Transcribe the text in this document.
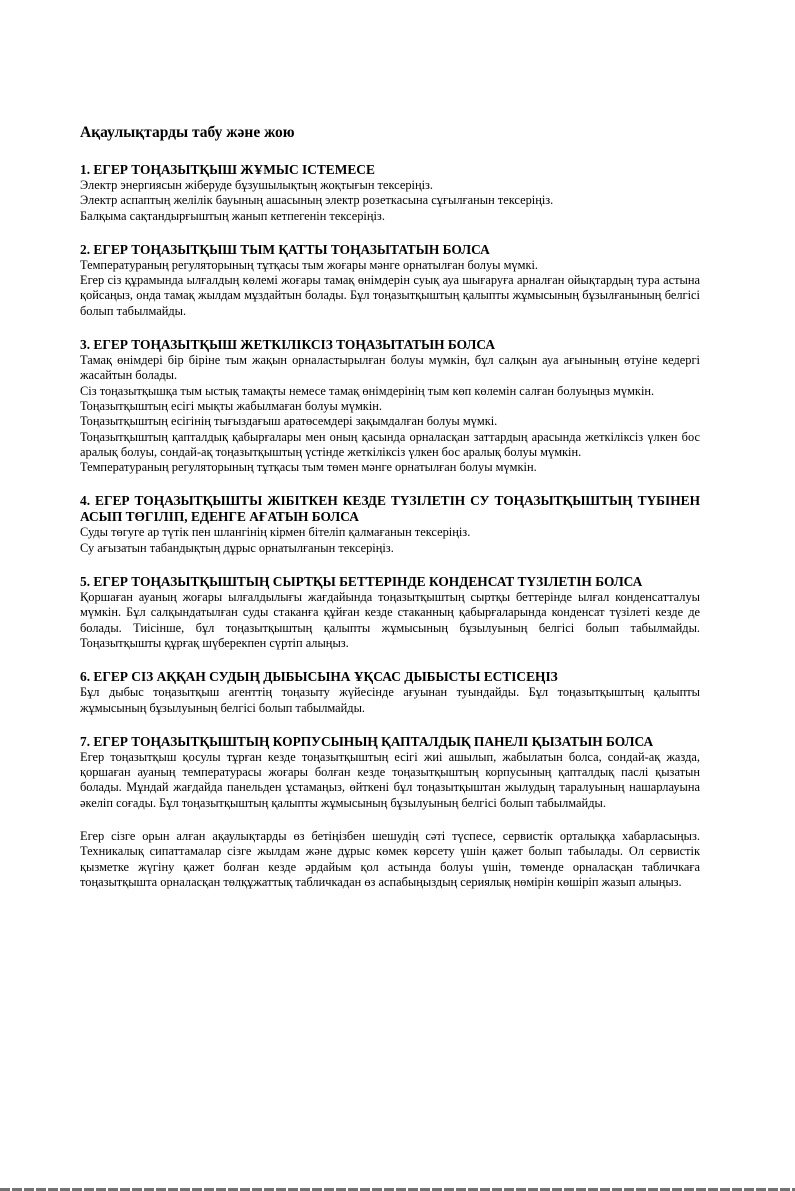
Ақаулықтарды табу және жою
1. ЕГЕР ТОҢАЗЫТҚЫШ ЖҰМЫС ІСТЕМЕСЕ

Электр энергиясын жіберуде бұзушылықтың жоқтығын тексеріңіз.

Электр аспаптың желілік бауының ашасының электр розеткасына сұғылғанын тексеріңіз.

Балқыма сақтандырғыштың жанып кетпегенін тексеріңіз.

2. ЕГЕР ТОҢАЗЫТҚЫШ ТЫМ ҚАТТЫ ТОҢАЗЫТАТЫН БОЛСА

Температураның регуляторының тұтқасы тым жоғары мәнге орнатылған болуы мүмкі.

Егер сіз құрамында ылғалдың көлемі жоғары тамақ өнімдерін суық ауа шығаруға арналған ойықтардың тура астына қойсаңыз, онда тамақ жылдам мұздайтын болады. Бұл тоңазытқыштың қалыпты жұмысының бұзылғанының белгісі болып табылмайды.

3. ЕГЕР ТОҢАЗЫТҚЫШ ЖЕТКІЛІКСІЗ ТОҢАЗЫТАТЫН БОЛСА

Тамақ өнімдері бір біріне тым жақын орналастырылған болуы мүмкін, бұл салқын ауа ағынының өтуіне кедергі жасайтын болады.

Сіз тоңазытқышқа тым ыстық тамақты немесе тамақ өнімдерінің тым көп көлемін салған болуыңыз мүмкін.

Тоңазытқыштың есігі мықты жабылмаған болуы мүмкін.

Тоңазытқыштың есігінің тығыздағыш аратөсемдері зақымдалған болуы мүмкі.

Тоңазытқыштың қапталдық қабырғалары мен оның қасында орналасқан заттардың арасында жеткіліксіз үлкен бос аралық болуы, сондай-ақ тоңазытқыштың үстінде жеткіліксіз үлкен бос аралық болуы мүмкін.

Температураның регуляторының тұтқасы тым төмен мәнге орнатылған болуы мүмкін.

4. ЕГЕР ТОҢАЗЫТҚЫШТЫ ЖІБІТКЕН КЕЗДЕ ТҮЗІЛЕТІН СУ ТОҢАЗЫТҚЫШТЫҢ ТҮБІНЕН АСЫП ТӨГІЛІП, ЕДЕНГЕ АҒАТЫН БОЛСА

Суды төгуге ар түтік пен шлангінің кірмен бітеліп қалмағанын тексеріңіз.

Су ағызатын табандықтың дұрыс орнатылғанын тексеріңіз.

5. ЕГЕР ТОҢАЗЫТҚЫШТЫҢ СЫРТҚЫ БЕТТЕРІНДЕ КОНДЕНСАТ ТҮЗІЛЕТІН БОЛСА

Қоршаған ауаның жоғары ылғалдылығы жағдайында тоңазытқыштың сыртқы беттерінде ылғал конденсатталуы мүмкін. Бұл салқындатылған суды стаканға құйған кезде стаканның қабырғаларында конденсат түзілеті кезде де болады. Тиісінше, бұл тоңазытқыштың қалыпты жұмысының бұзылуының белгісі болып табылмайды. Тоңазытқышты құрғақ шүберекпен сүртіп алыңыз.

6. ЕГЕР СІЗ АҚҚАН СУДЫҢ ДЫБЫСЫНА ҰҚСАС ДЫБЫСТЫ ЕСТІСЕҢІЗ

Бұл дыбыс тоңазытқыш агенттің тоңазыту жүйесінде ағуынан туындайды. Бұл тоңазытқыштың қалыпты жұмысының бұзылуының белгісі болып табылмайды.

7. ЕГЕР ТОҢАЗЫТҚЫШТЫҢ КОРПУСЫНЫҢ ҚАПТАЛДЫҚ ПАНЕЛІ ҚЫЗАТЫН БОЛСА

Егер тоңазытқыш қосулы тұрған кезде тоңазытқыштың есігі жиі ашылып, жабылатын болса, сондай-ақ жазда, қоршаған ауаның температурасы жоғары болған кезде тоңазытқыштың корпусының қапталдық паслі қызатын болады. Мұндай жағдайда панельден ұстамаңыз, өйткені бұл тоңазытқыштан жылудың таралуының нашарлауына әкеліп соғады. Бұл тоңазытқыштың қалыпты жұмысының бұзылуының белгісі болып табылмайды.

Егер сізге орын алған ақаулықтарды өз бетіңізбен шешудің сәті түспесе, сервистік орталыққа хабарласыңыз. Техникалық сипаттамалар сізге жылдам және дұрыс көмек көрсету үшін қажет болып табылады. Ол сервистік қызметке жүгіну қажет болған кезде әрдайым қол астында болуы үшін, төменде орналасқан табличкаға тоңазытқышта орналасқан төлқұжаттық табличкадан өз аспабыңыздың сериялық нөмірін көшіріп жазып алыңыз.
